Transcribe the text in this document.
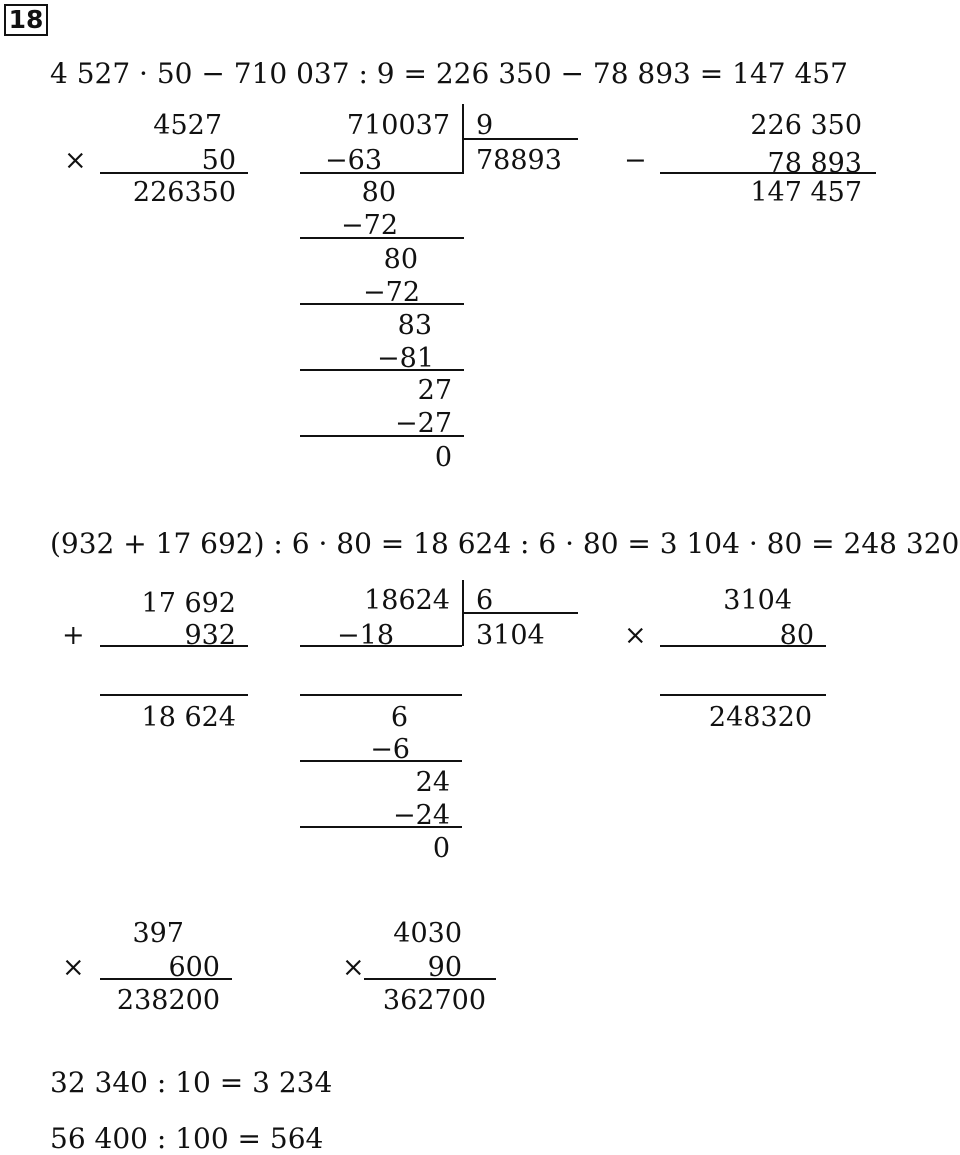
18
4 527 · 50 − 710 037 : 9 = 226 350 − 78 893 = 147 457
4527
×	50
226350
710037 9
78893
−63
80
−72
80
−72
83
−81
27
−27
0
226 350
−	78 893
147 457
(932 + 17 692) : 6 · 80 = 18 624 : 6 · 80 = 3 104 · 80 = 248 320
17 692
+	932
18 624
18624 6
3104
−18
6
−6
24
−24
0
3104
×	80
248320
397
×	600
238200
4030
×	90
362700
32 340 : 10 = 3 234
56 400 : 100 = 564
